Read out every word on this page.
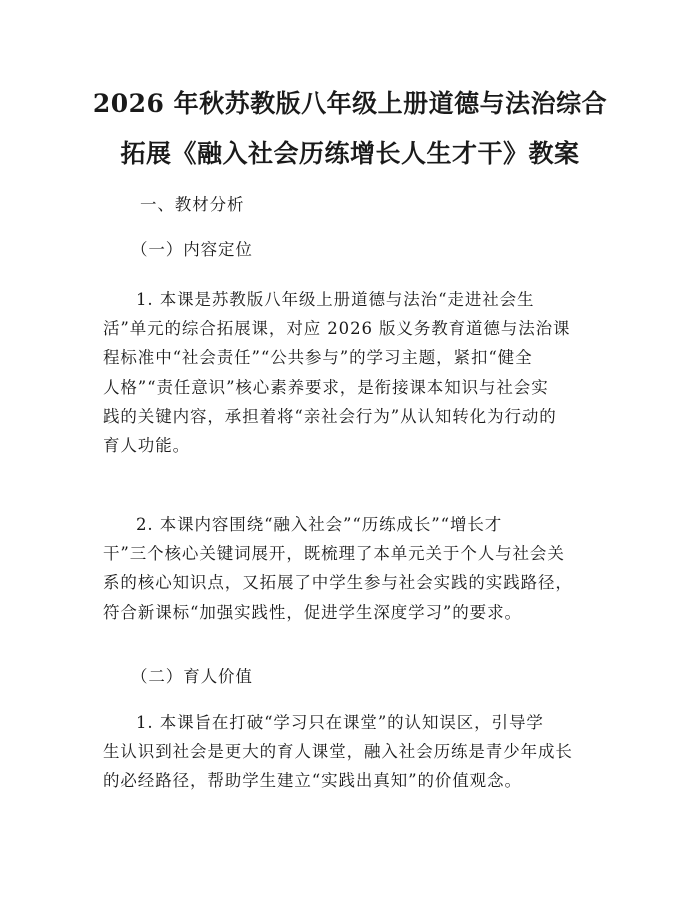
2026 年秋苏教版八年级上册道德与法治综合
拓展《融入社会历练增长人生才干》教案
一、教材分析
（一）内容定位
1. 本课是苏教版八年级上册道德与法治“走进社会生
活”单元的综合拓展课，对应 2026 版义务教育道德与法治课
程标准中“社会责任”“公共参与”的学习主题，紧扣“健全
人格”“责任意识”核心素养要求，是衔接课本知识与社会实
践的关键内容，承担着将“亲社会行为”从认知转化为行动的
育人功能。
2. 本课内容围绕“融入社会”“历练成长”“增长才
干”三个核心关键词展开，既梳理了本单元关于个人与社会关
系的核心知识点，又拓展了中学生参与社会实践的实践路径，
符合新课标“加强实践性，促进学生深度学习”的要求。
（二）育人价值
1. 本课旨在打破“学习只在课堂”的认知误区，引导学
生认识到社会是更大的育人课堂，融入社会历练是青少年成长
的必经路径，帮助学生建立“实践出真知”的价值观念。
